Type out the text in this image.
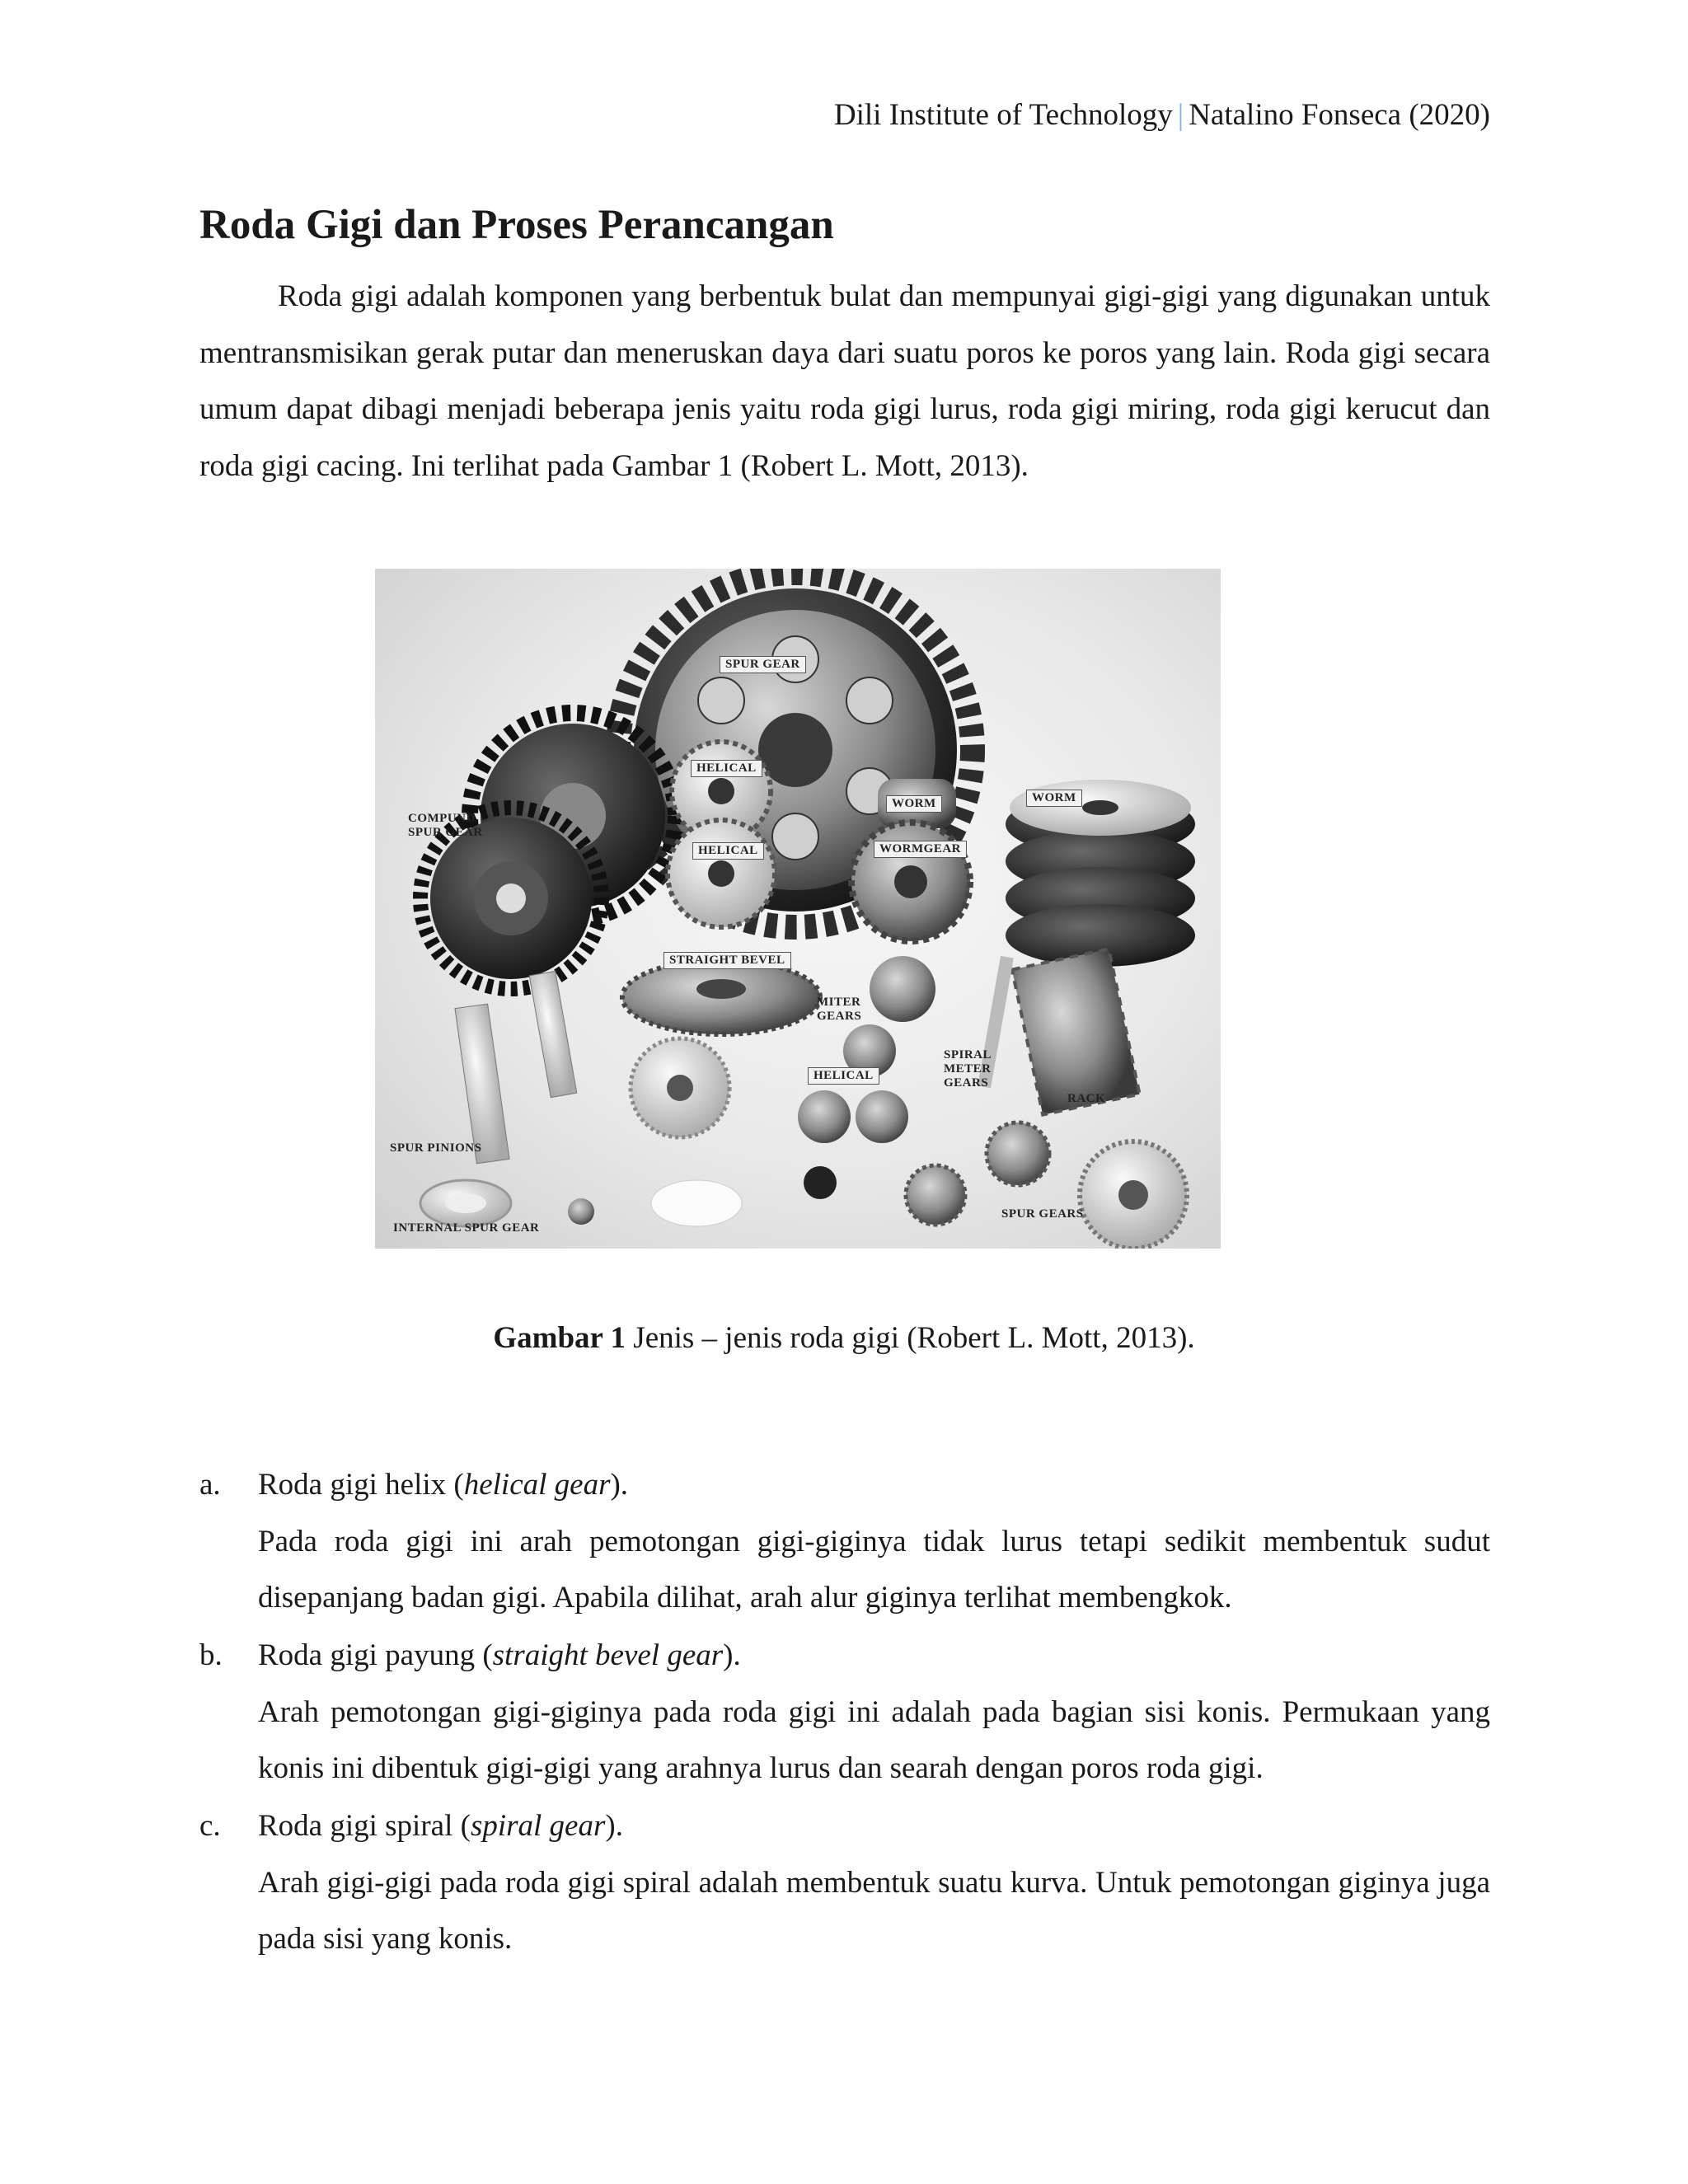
Dili Institute of Technology | Natalino Fonseca (2020)
Roda Gigi dan Proses Perancangan

Roda gigi adalah komponen yang berbentuk bulat dan mempunyai gigi-gigi yang digunakan untuk mentransmisikan gerak putar dan meneruskan daya dari suatu poros ke poros yang lain. Roda gigi secara umum dapat dibagi menjadi beberapa jenis yaitu roda gigi lurus, roda gigi miring, roda gigi kerucut dan roda gigi cacing. Ini terlihat pada Gambar 1 (Robert L. Mott, 2013).

SPUR GEAR
HELICAL
COMPUND
SPUR GEAR
WORM	WORM
HELICAL	WORMGEAR
STRAIGHT BEVEL
MITER
GEARS
SPIRAL
METER
GEARS
HELICAL
RACK
SPUR PINIONS
INTERNAL SPUR GEAR
SPUR GEARS
Gambar 1 Jenis – jenis roda gigi (Robert L. Mott, 2013).
a. Roda gigi helix (helical gear).
Pada roda gigi ini arah pemotongan gigi-giginya tidak lurus tetapi sedikit membentuk sudut disepanjang badan gigi. Apabila dilihat, arah alur giginya terlihat membengkok.
b. Roda gigi payung (straight bevel gear).
Arah pemotongan gigi-giginya pada roda gigi ini adalah pada bagian sisi konis. Permukaan yang konis ini dibentuk gigi-gigi yang arahnya lurus dan searah dengan poros roda gigi.
c. Roda gigi spiral (spiral gear).
Arah gigi-gigi pada roda gigi spiral adalah membentuk suatu kurva. Untuk pemotongan giginya juga pada sisi yang konis.
